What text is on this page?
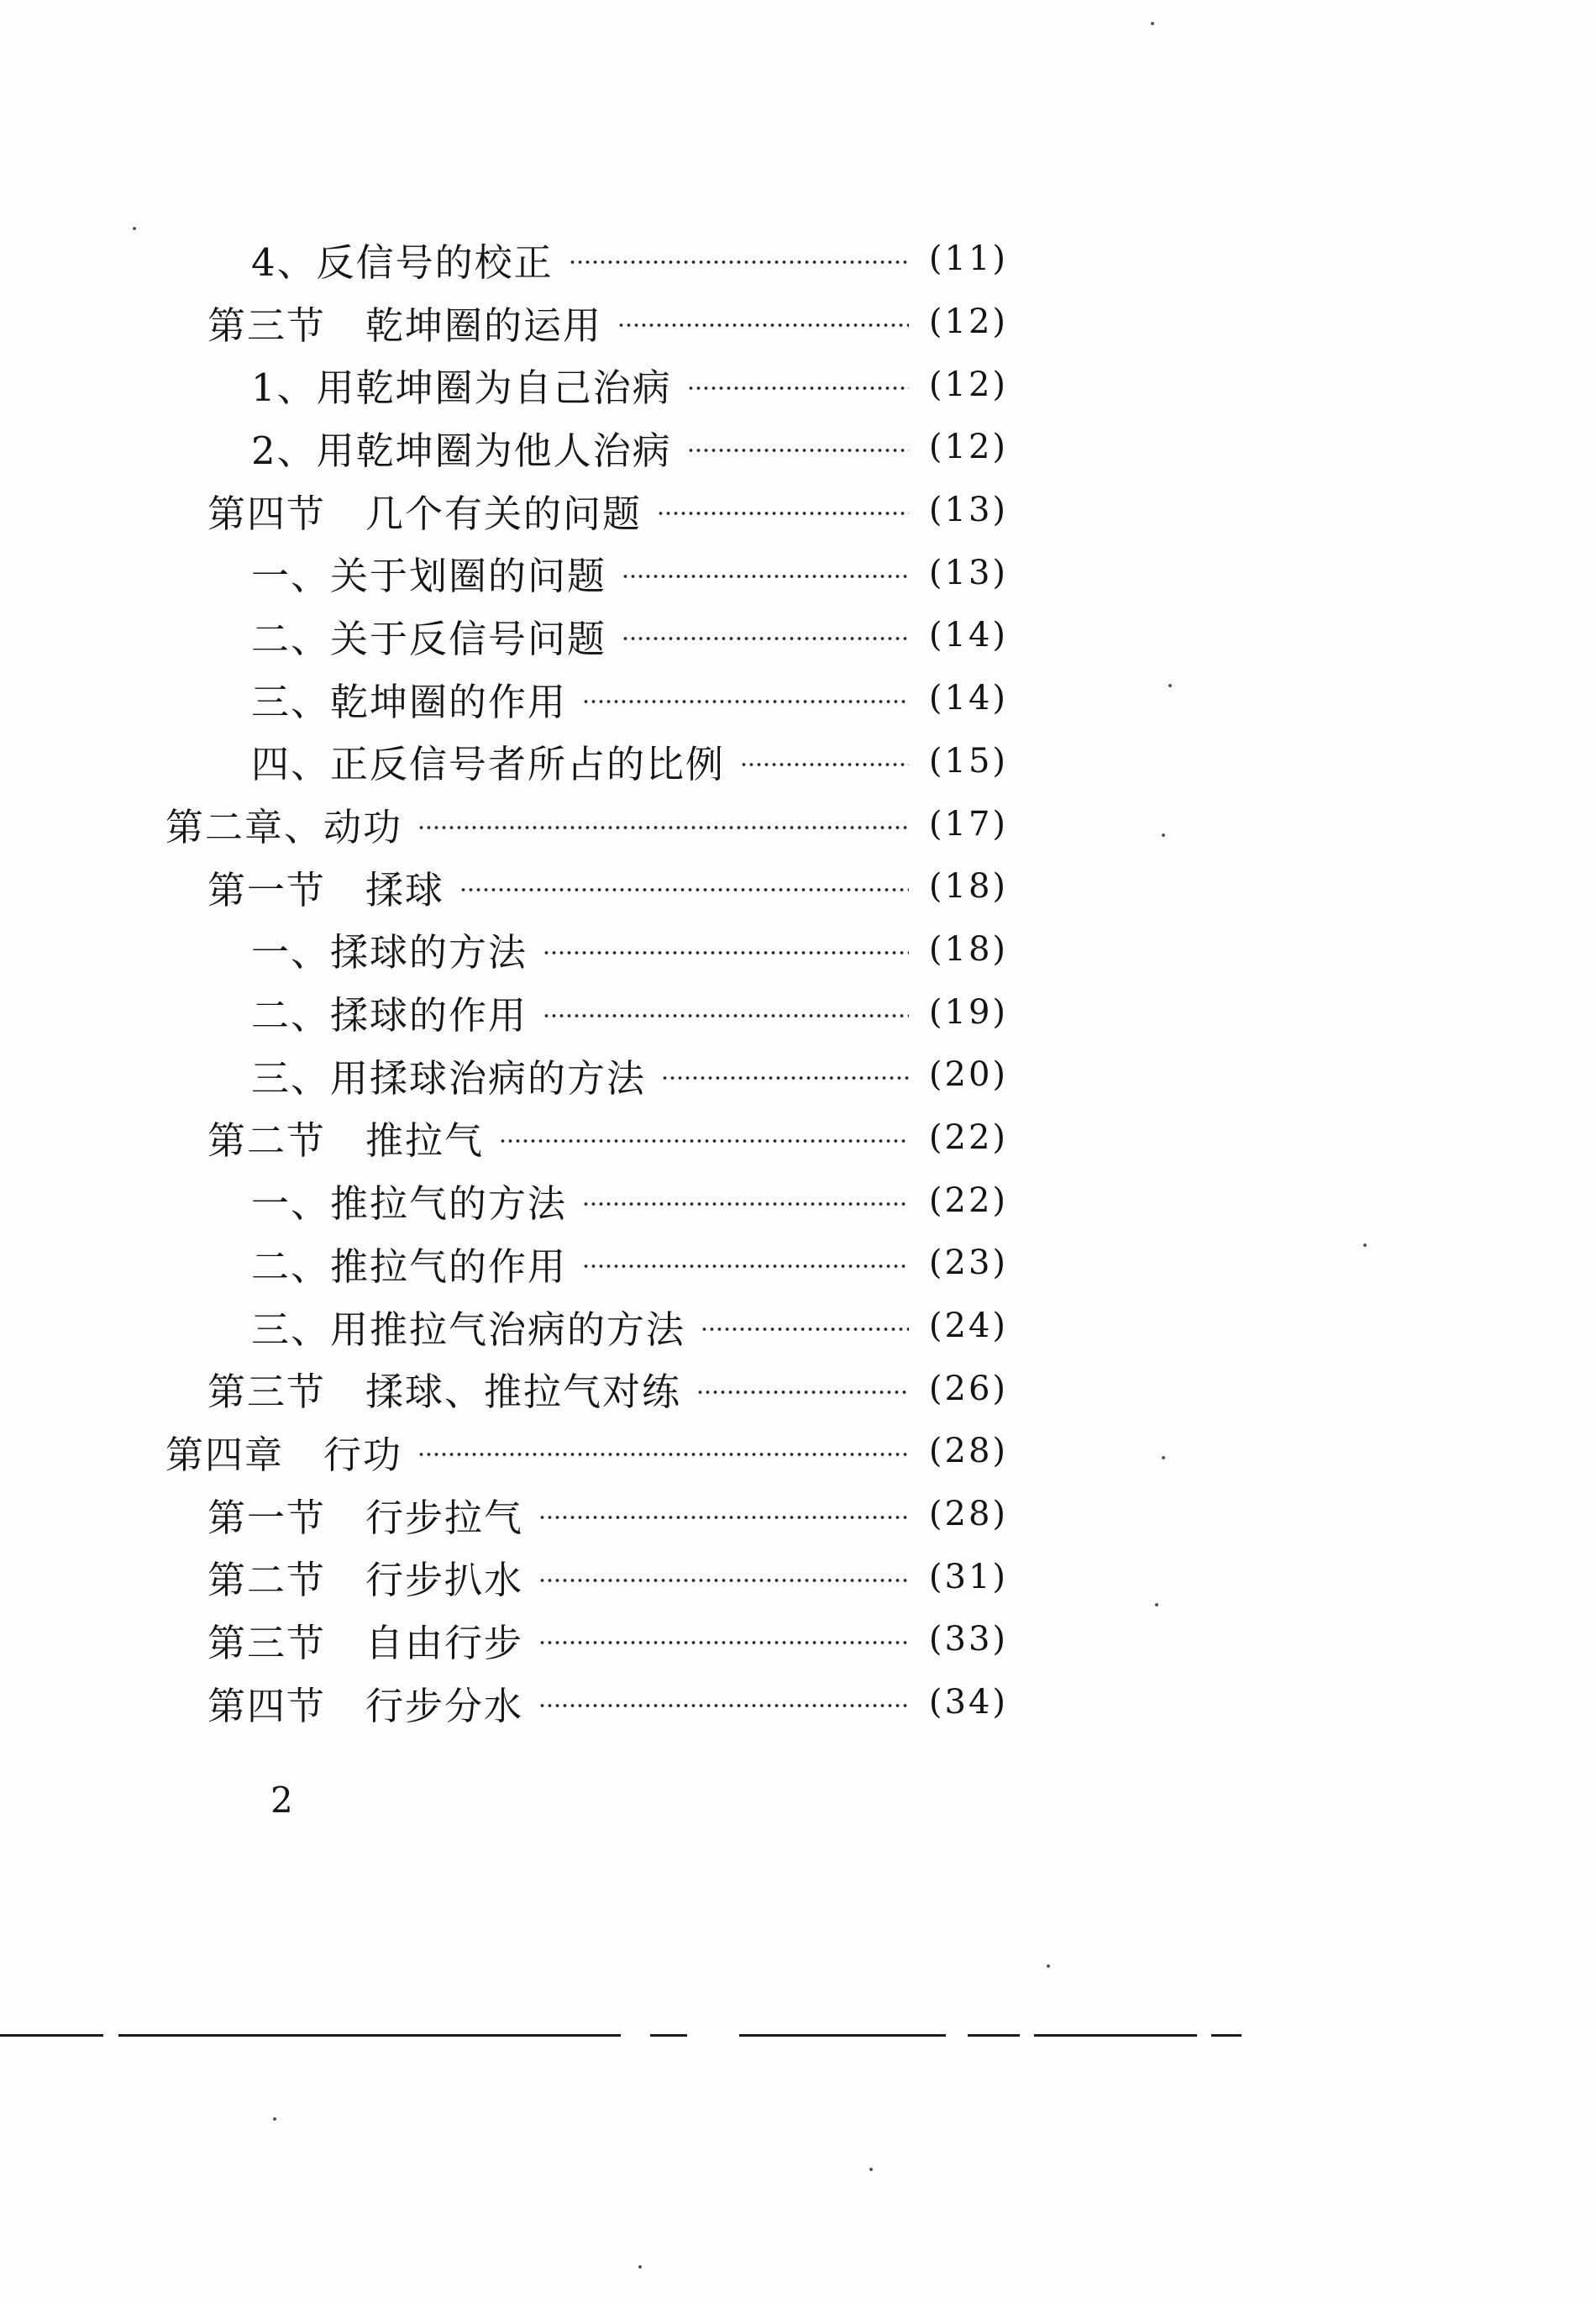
4、反信号的校正	(11)
第三节　乾坤圈的运用	(12)
1、用乾坤圈为自己治病	(12)
2、用乾坤圈为他人治病	(12)
第四节　几个有关的问题	(13)
一、关于划圈的问题	(13)
二、关于反信号问题	(14)
三、乾坤圈的作用	(14)
四、正反信号者所占的比例	(15)
第二章、动功	(17)
第一节　揉球	(18)
一、揉球的方法	(18)
二、揉球的作用	(19)
三、用揉球治病的方法	(20)
第二节　推拉气	(22)
一、推拉气的方法	(22)
二、推拉气的作用	(23)
三、用推拉气治病的方法	(24)
第三节　揉球、推拉气对练	(26)
第四章　行功	(28)
第一节　行步拉气	(28)
第二节　行步扒水	(31)
第三节　自由行步	(33)
第四节　行步分水	(34)
2
